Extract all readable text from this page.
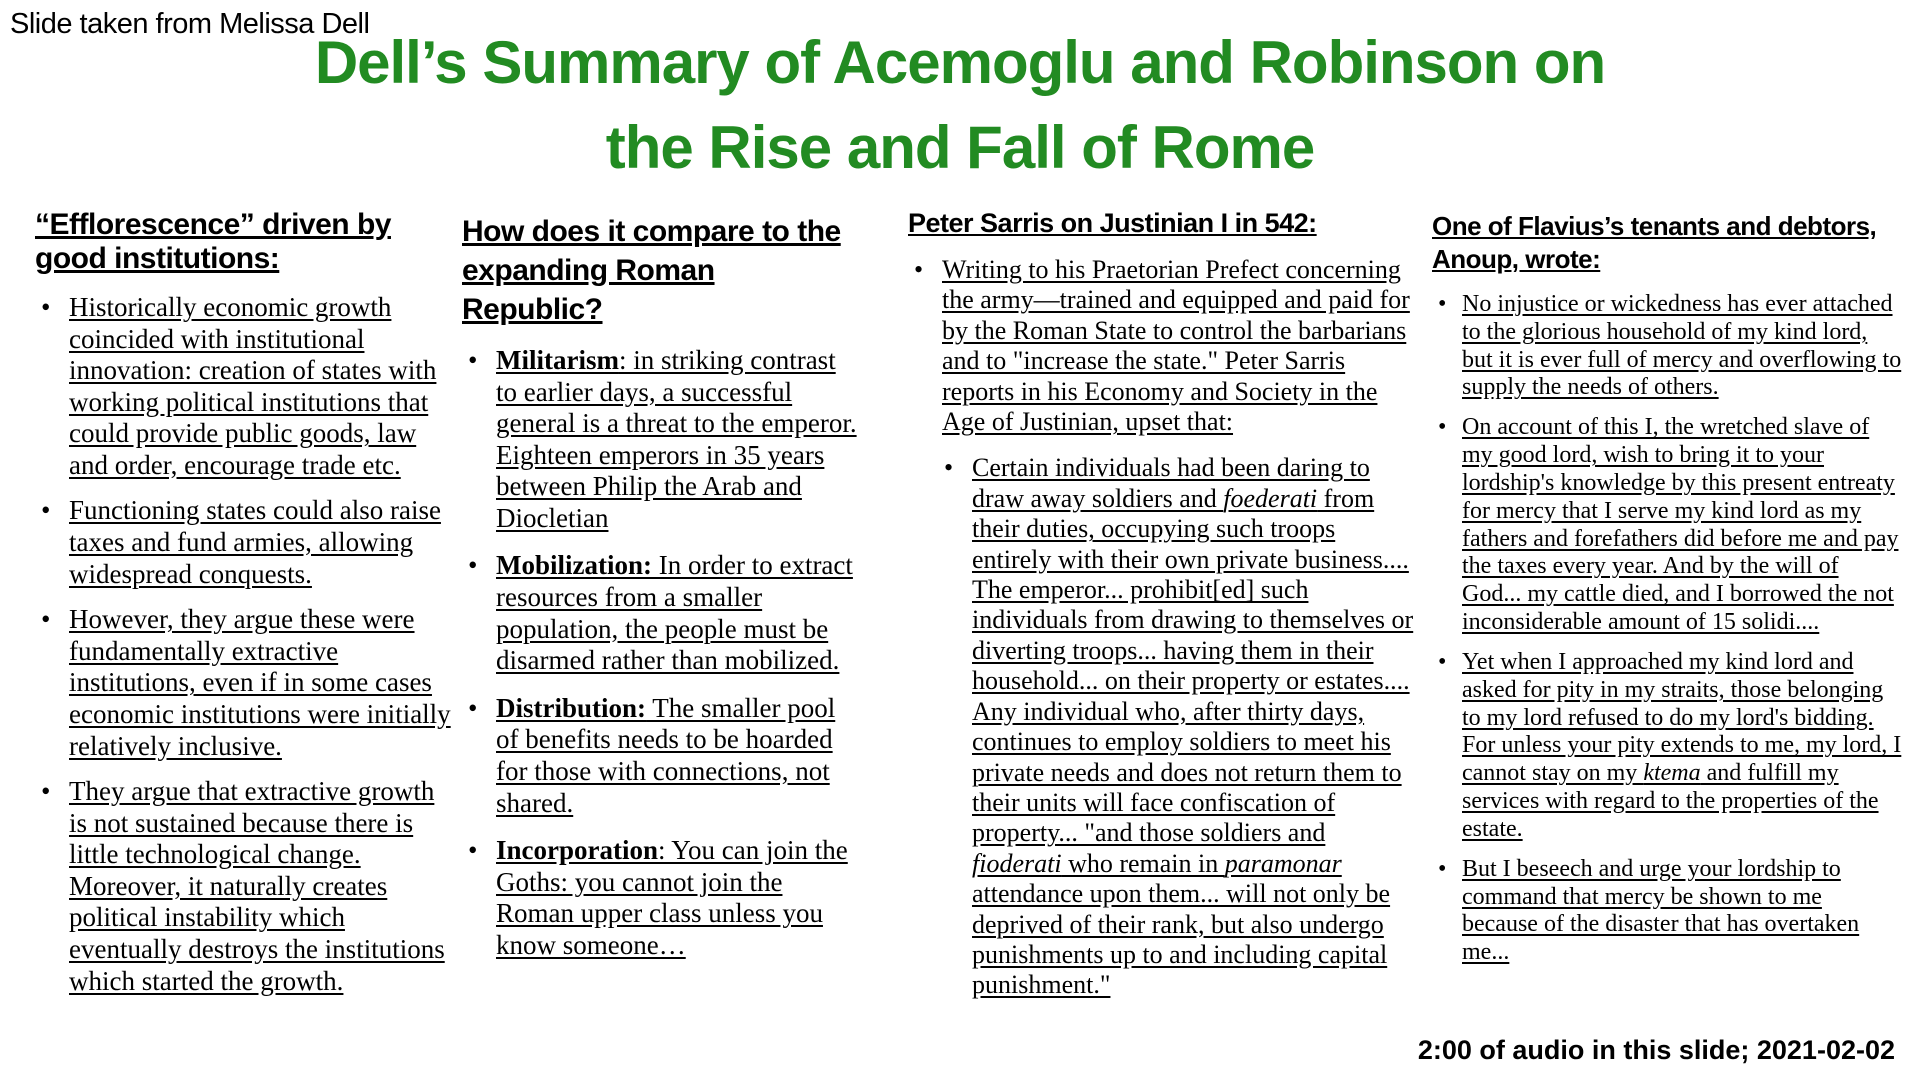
Slide taken from Melissa Dell
Dell’s Summary of Acemoglu and Robinson on
the Rise and Fall of Rome
“Efflorescence” driven by good institutions:
• Historically economic growth coincided with institutional innovation: creation of states with working political institutions that could provide public goods, law and order, encourage trade etc.
• Functioning states could also raise taxes and fund armies, allowing widespread conquests.
• However, they argue these were fundamentally extractive institutions, even if in some cases economic institutions were initially relatively inclusive.
• They argue that extractive growth is not sustained because there is little technological change. Moreover, it naturally creates political instability which eventually destroys the institutions which started the growth.
How does it compare to the expanding Roman Republic?
• Militarism: in striking contrast to earlier days, a successful general is a threat to the emperor. Eighteen emperors in 35 years between Philip the Arab and Diocletian
• Mobilization: In order to extract resources from a smaller population, the people must be disarmed rather than mobilized.
• Distribution: The smaller pool of benefits needs to be hoarded for those with connections, not shared.
• Incorporation: You can join the Goths: you cannot join the Roman upper class unless you know someone…
Peter Sarris on Justinian I in 542:
• Writing to his Praetorian Prefect concerning the army—trained and equipped and paid for by the Roman State to control the barbarians and to "increase the state." Peter Sarris reports in his Economy and Society in the Age of Justinian, upset that:
• Certain individuals had been daring to draw away soldiers and foederati from their duties, occupying such troops entirely with their own private business.... The emperor... prohibit[ed] such individuals from drawing to themselves or diverting troops... having them in their household... on their property or estates.... Any individual who, after thirty days, continues to employ soldiers to meet his private needs and does not return them to their units will face confiscation of property... "and those soldiers and fioderati who remain in paramonar attendance upon them... will not only be deprived of their rank, but also undergo punishments up to and including capital punishment."
One of Flavius’s tenants and debtors, Anoup, wrote:
• No injustice or wickedness has ever attached to the glorious household of my kind lord, but it is ever full of mercy and overflowing to supply the needs of others.
• On account of this I, the wretched slave of my good lord, wish to bring it to your lordship's knowledge by this present entreaty for mercy that I serve my kind lord as my fathers and forefathers did before me and pay the taxes every year. And by the will of God... my cattle died, and I borrowed the not inconsiderable amount of 15 solidi....
• Yet when I approached my kind lord and asked for pity in my straits, those belonging to my lord refused to do my lord's bidding. For unless your pity extends to me, my lord, I cannot stay on my ktema and fulfill my services with regard to the properties of the estate.
• But I beseech and urge your lordship to command that mercy be shown to me because of the disaster that has overtaken me...
2:00 of audio in this slide; 2021-02-02
